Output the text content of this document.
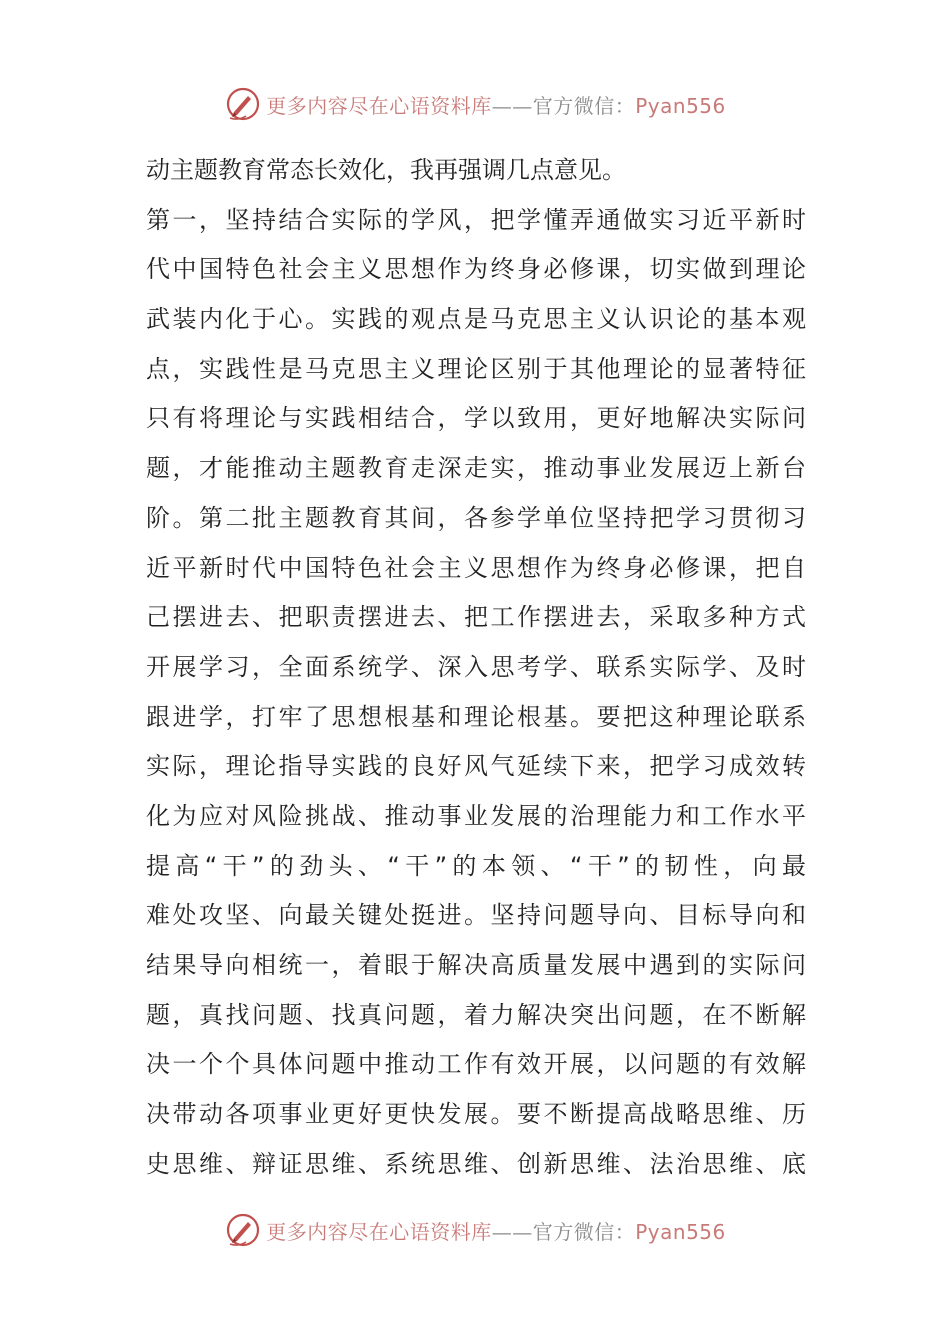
更多内容尽在心语资料库——官方微信：Pyan556
动主题教育常态长效化，我再强调几点意见。
第一，坚持结合实际的学风，把学懂弄通做实习近平新时
代中国特色社会主义思想作为终身必修课，切实做到理论
武装内化于心。实践的观点是马克思主义认识论的基本观
点，实践性是马克思主义理论区别于其他理论的显著特征
只有将理论与实践相结合，学以致用，更好地解决实际问
题，才能推动主题教育走深走实，推动事业发展迈上新台
阶。第二批主题教育其间，各参学单位坚持把学习贯彻习
近平新时代中国特色社会主义思想作为终身必修课，把自
己摆进去、把职责摆进去、把工作摆进去，采取多种方式
开展学习，全面系统学、深入思考学、联系实际学、及时
跟进学，打牢了思想根基和理论根基。要把这种理论联系
实际，理论指导实践的良好风气延续下来，把学习成效转
化为应对风险挑战、推动事业发展的治理能力和工作水平
提高“干”的劲头、“干”的本领、“干”的韧性，向最
难处攻坚、向最关键处挺进。坚持问题导向、目标导向和
结果导向相统一，着眼于解决高质量发展中遇到的实际问
题，真找问题、找真问题，着力解决突出问题，在不断解
决一个个具体问题中推动工作有效开展，以问题的有效解
决带动各项事业更好更快发展。要不断提高战略思维、历
史思维、辩证思维、系统思维、创新思维、法治思维、底
更多内容尽在心语资料库——官方微信：Pyan556
